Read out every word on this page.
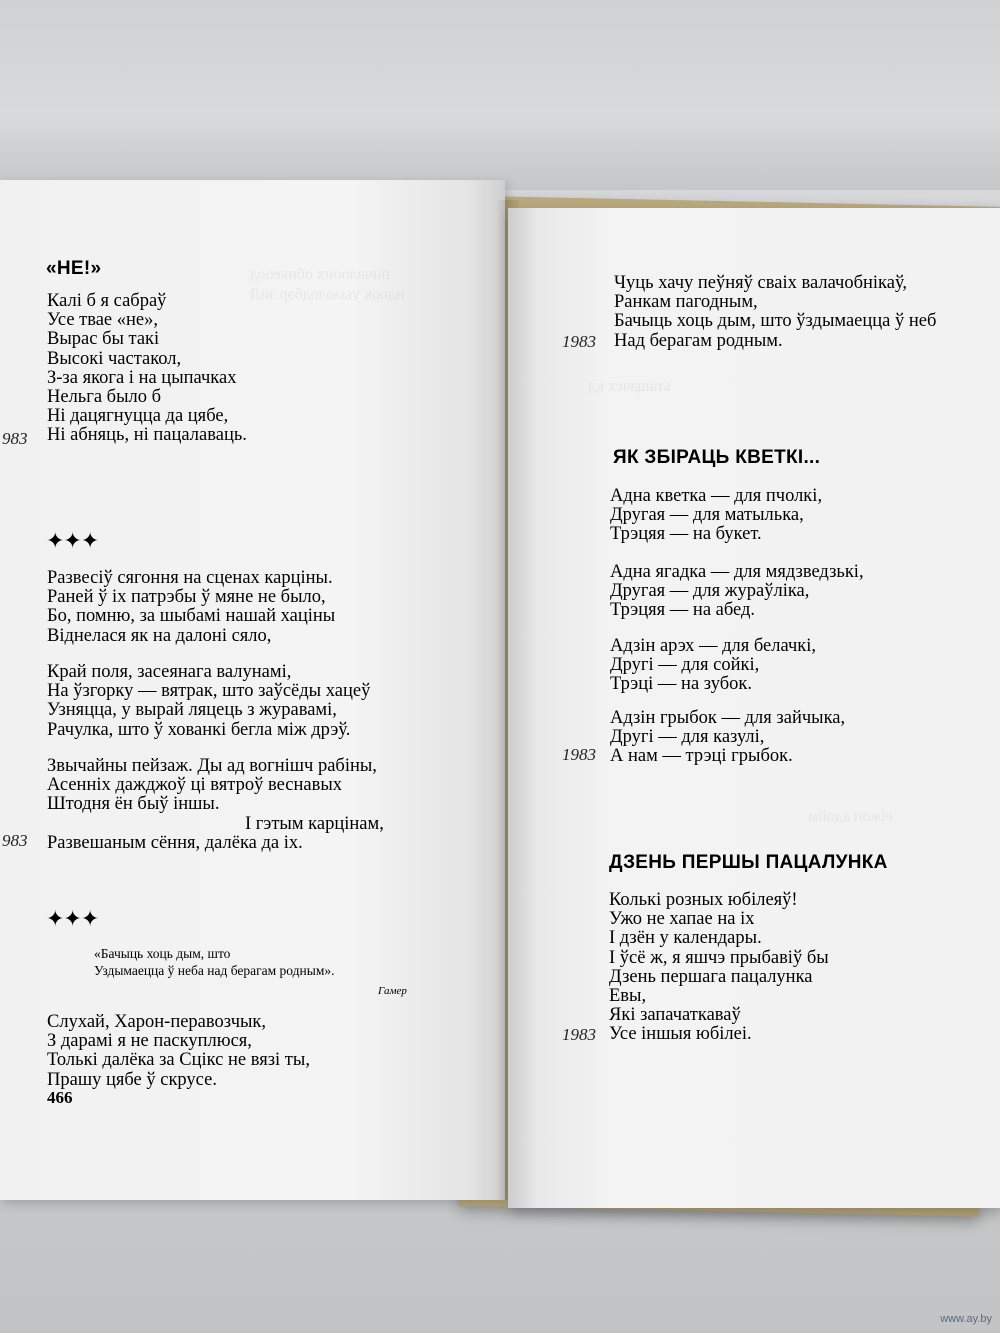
пнчвлоонх обикеоод
ндоок уыаолодбэр зиЛ
«НЕ!»
Калі б я сабраў
Усе твае «не»,
Вырас бы такі
Высокі частакол,
З-за якога і на цыпачках
Нельга было б
Ні дацягнуцца да цябе,
Ні абняць, ні пацалаваць.
983
✦✦✦
Развесіў сягоння на сценах карціны.
Раней ў іх патрэбы ў мяне не было,
Бо, помню, за шыбамі нашай хаціны
Віднелася як на далоні сяло,
Край поля, засеянага валунамі,
На ўзгорку — вятрак, што заўсёды хацеў
Узняцца, у вырай ляцець з журавамі,
Рачулка, што ў хованкі бегла між дрэў.
Звычайны пейзаж. Ды ад вогнішч рабіны,
Асенніх дажджоў ці вятроў веснавых
Штодня ён быў іншы.
І гэтым карцінам,
Развешаным сёння, далёка да іх.
983
✦✦✦
«Бачыць хоць дым, што
Уздымаецца ў неба над берагам родным».
Гамер
Слухай, Харон-перавозчык,
З дарамі я не паскуплюся,
Толькі далёка за Сцікс не вязі ты,
Прашу цябе ў скрусе.
466
ьтащачсх кд
еіжоп адойм
Чуць хачу пеўняў сваіх валачобнікаў,
Ранкам пагодным,
Бачыць хоць дым, што ўздымаецца ў неб
Над берагам родным.
1983
ЯК ЗБІРАЦЬ КВЕТКІ...
Адна кветка — для пчолкі,
Другая — для матылька,
Трэцяя — на букет.
Адна ягадка — для мядзведзькі,
Другая — для жураўліка,
Трэцяя — на абед.
Адзін арэх — для белачкі,
Другі — для сойкі,
Трэці — на зубок.
Адзін грыбок — для зайчыка,
Другі — для казулі,
А нам — трэці грыбок.
1983
ДЗЕНЬ ПЕРШЫ ПАЦАЛУНКА
Колькі розных юбілеяў!
Ужо не хапае на іх
І дзён у календары.
І ўсё ж, я яшчэ прыбавіў бы
Дзень першага пацалунка
Евы,
Які запачаткаваў
Усе іншыя юбілеі.
1983
www.ay.by
